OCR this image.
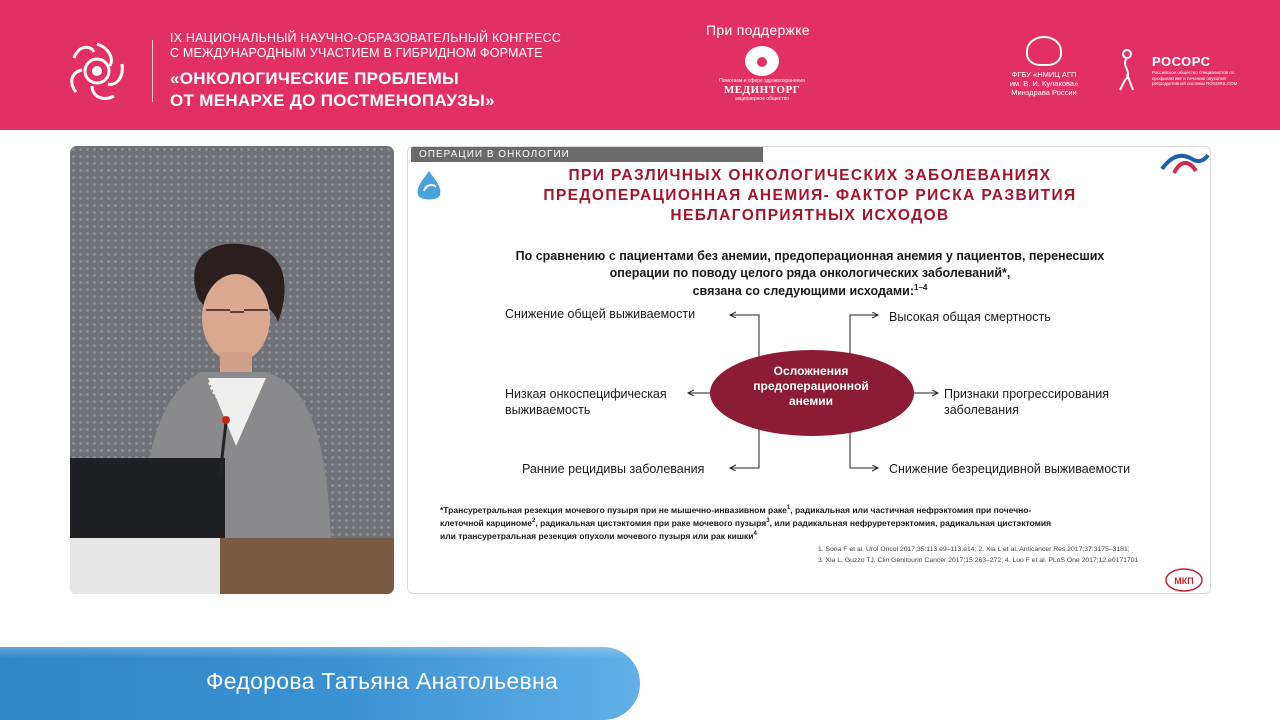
IX НАЦИОНАЛЬНЫЙ НАУЧНО-ОБРАЗОВАТЕЛЬНЫЙ КОНГРЕСС
С МЕЖДУНАРОДНЫМ УЧАСТИЕМ В ГИБРИДНОМ ФОРМАТЕ
«ОНКОЛОГИЧЕСКИЕ ПРОБЛЕМЫ
ОТ МЕНАРХЕ ДО ПОСТМЕНОПАУЗЫ»
При поддержке
Помогаем в сфере здравоохранения
МЕДИНТОРГ
акционерное общество
ФГБУ «НМИЦ АГП
им. В. И. Кулакова»
Минздрава России
РОСОРС
Российское общество специалистов по профилактике и лечению опухолей репродуктивной системы ROSORS.COM
ОПЕРАЦИИ В ОНКОЛОГИИ
ПРИ РАЗЛИЧНЫХ ОНКОЛОГИЧЕСКИХ ЗАБОЛЕВАНИЯХ
ПРЕДОПЕРАЦИОННАЯ АНЕМИЯ- ФАКТОР РИСКА РАЗВИТИЯ
НЕБЛАГОПРИЯТНЫХ ИСХОДОВ
По сравнению с пациентами без анемии, предоперационная анемия у пациентов, перенесших
операции по поводу целого ряда онкологических заболеваний*,
связана со следующими исходами:$^{1-4}$
Осложнения
предоперационной
анемии
Снижение общей выживаемости
Низкая онкоспецифическая
выживаемость
Ранние рецидивы заболевания
Высокая общая смертность
Признаки прогрессирования
заболевания
Снижение безрецидивной выживаемости
*Трансуретральная резекция мочевого пузыря при не мышечно-инвазивном раке$^1$, радикальная или частичная нефрэктомия при почечно-
клеточной карциноме$^2$, радикальная цистэктомия при раке мочевого пузыря$^3$, или радикальная нефруретерэктомия, радикальная цистэктомия
или трансуретральная резекция опухоли мочевого пузыря или рак кишки$^4$
1. Soria F et al. Urol Oncol 2017;35:113.e9–113.e14; 2. Xia L et al. Anticancer Res 2017;37:3175–3181;
3. Xia L, Guzzo TJ. Clin Genitourin Cancer 2017;15:263–272; 4. Luo F et al. PLoS One 2017;12:e0171701
МКП
Федорова Татьяна Анатольевна
